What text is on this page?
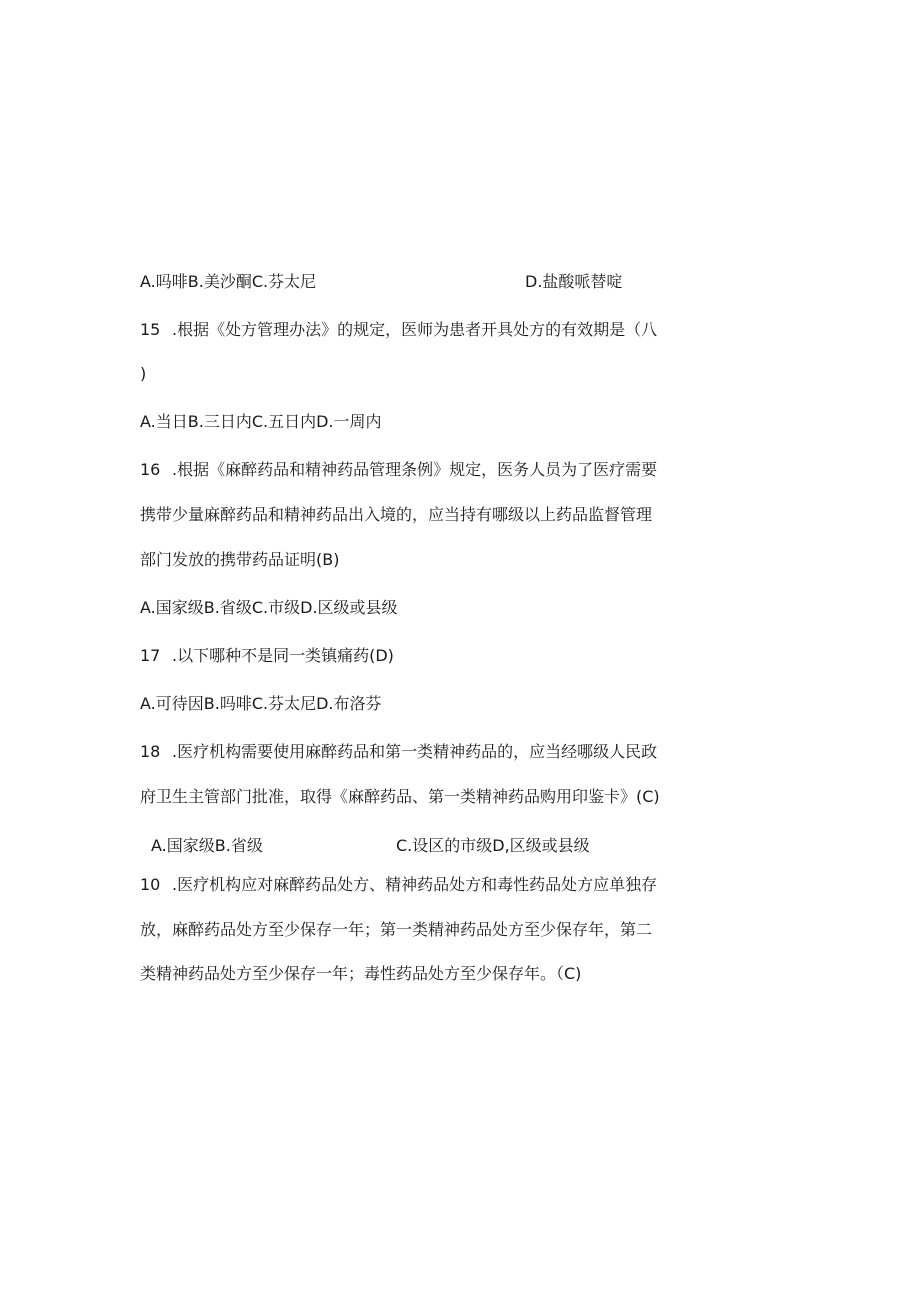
A.吗啡B.美沙酮C.芬太尼	D.盐酸哌替啶
15 .根据《处方管理办法》的规定，医师为患者开具处方的有效期是（八
)
A.当日B.三日内C.五日内D.一周内
16 .根据《麻醉药品和精神药品管理条例》规定，医务人员为了医疗需要
携带少量麻醉药品和精神药品出入境的，应当持有哪级以上药品监督管理
部门发放的携带药品证明(B)
A.国家级B.省级C.市级D.区级或县级
17 .以下哪种不是同一类镇痛药(D)
A.可待因B.吗啡C.芬太尼D.布洛芬
18 .医疗机构需要使用麻醉药品和第一类精神药品的，应当经哪级人民政
府卫生主管部门批准，取得《麻醉药品、第一类精神药品购用印鉴卡》(C)
A.国家级B.省级	C.设区的市级D,区级或县级
10 .医疗机构应对麻醉药品处方、精神药品处方和毒性药品处方应单独存
放，麻醉药品处方至少保存一年；第一类精神药品处方至少保存年，第二
类精神药品处方至少保存一年；毒性药品处方至少保存年。（C)
